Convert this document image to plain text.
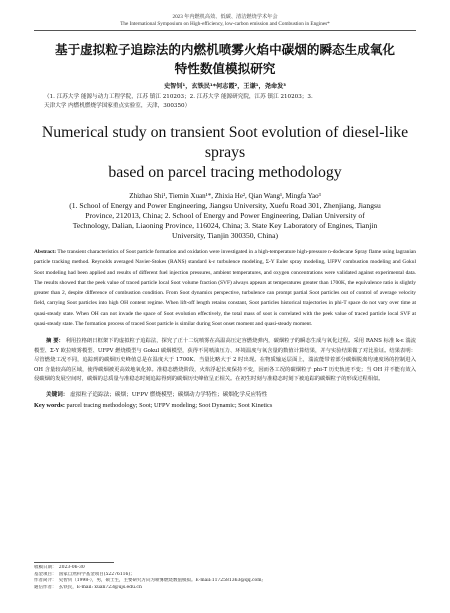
2023 年内燃机高效、低碳、清洁燃烧学术年会
The International Symposium on High-efficiency, low-carbon emission and Combustion in Engines*
基于虚拟粒子追踪法的内燃机喷雾火焰中碳烟的瞬态生成氧化
特性数值模拟研究
史智钊¹，玄铁民¹*何志霞²，王谦¹，尧命发³
（1. 江苏大学 能源与动力工程学院，江苏 镇江 210203；2. 江苏大学 能源研究院，江苏 镇江 210203；3.
天津大学 内燃机燃烧学国家重点实验室，天津，300350）
Numerical study on transient Soot evolution of diesel-like sprays
based on parcel tracing methodology
Zhizhao Shi¹, Tiemin Xuan¹*, Zhixia He², Qian Wang¹, Mingfa Yao³
(1. School of Energy and Power Engineering, Jiangsu University, Xuefu Road 301, Zhenjiang, Jiangsu
Province, 212013, China; 2. School of Energy and Power Engineering, Dalian University of
Technology, Dalian, Liaoning Province, 116024, China; 3. State Key Laboratory of Engines, Tianjin
University, Tianjin 300350, China)
Abstract: The transient characteristics of Soot particle formation and oxidation were investigated in a high-temperature high-pressure n-dodecane Spray flame using lagranian particle tracking method. Reynolds averaged Navier-Stokes (RANS) standard k-ε turbulence modeling, Σ-Y Euler spray modeling, UFPV combustion modeling and Gokul Soot modeling had been applied and results of different fuel injection pressures, ambient temperatures, and oxygen concentrations were validated against experimental data. The results showed that the peek value of traced particle local Soot volume fraction (SVF) always appears at temperatures greater than 1700K, the equivalence ratio is slightly greater than 2, despite difference of combustion condition. From Soot dynamics perspective, turbulence can prompt partial Soot particles out of control of average velocity field, carrying Soot particles into high OH content regime. When lift-off length retains constant, Soot particles historical trajectories in phi-T space do not vary over time at quasi-steady state. When OH can not invade the space of Soot evolution effectively, the total mass of soot is correlated with the peek value of traced particle local SVF at quasi-steady state. The formation process of traced Soot particle is similar during Soot onset moment and quasi-steady moment.
摘 要： 利用拉格朗日框架下的虚拟粒子追踪法，探究了正十二烷喷雾在高温高压定容燃烧弹内，碳烟粒子的瞬态生成与氧化过程。采用 RANS 标准 k-ε 湍流模型、Σ-Y 欧拉喷雾模型、UFPV 燃烧模型与 Gokul 碳烟模型，获得不同喷油压力、环境温度与氧含量的数值计算结果，并与实验结果做了对比验证。结果表明：尽管燃烧工况不同，追踪到的碳烟历史峰值总是在温度大于 1700K、当量比略大于 2 时出现。在物质输运层面上，湍流能带着部分碳烟脱离均速度场的控制进入 OH 含量较高的区域，使得碳烟被更高效地氧化掉。准稳态燃烧阶段，火焰浮起长度保持不变，因而各工况的碳烟粒子 phi-T 历史轨迹不变；当 OH 并不能有效入侵碳烟的发展空间时，碳烟的总质量与准稳态时刻追踪得到的碳烟历史峰值呈正相关。在初生时刻与准稳态时刻下被追踪的碳烟粒子的形成过程相似。
关键词： 虚拟粒子追踪法；碳烟；UFPV 燃烧模型；碳烟动力学特性；碳烟化学反应特性
Key words: parcel tracing methodology; Soot; UFPV modeling; Soot Dynamic; Soot Kinetics
收稿日期：　2023-06-30
基金项目：　国家自然科学基金项目(52276116)；
作者简介：　史智钊（1998-），男，硕士生，主要研究方向为喷雾燃烧数值模拟。E-mail:1172581363@qq.com;
通信作者：　玄铁民，E-mail: xuan723@ujs.edu.cn
